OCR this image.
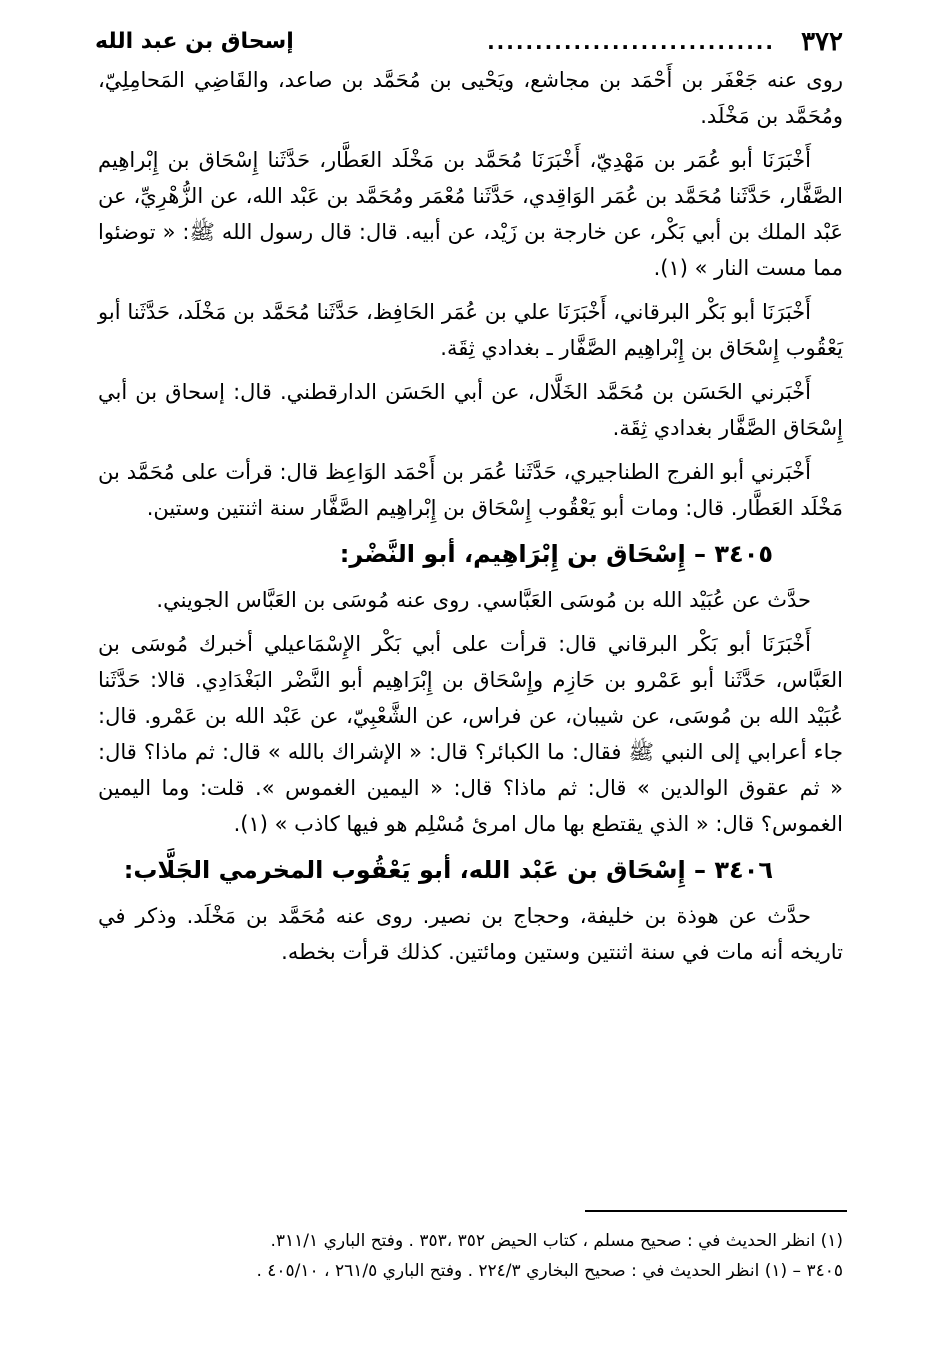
٣٧٢
..............................
إسحاق بن عبد الله

روى عنه جَعْفَر بن أَحْمَد بن مجاشع، ويَحْيى بن مُحَمَّد بن صاعد، والقَاضِي المَحامِلِيّ، ومُحَمَّد بن مَخْلَد.

أَخْبَرَنَا أبو عُمَر بن مَهْدِيّ، أَخْبَرَنَا مُحَمَّد بن مَخْلَد العَطَّار، حَدَّثَنا إِسْحَاق بن إِبْراهِيم الصَّفَّار، حَدَّثَنا مُحَمَّد بن عُمَر الوَاقِدي، حَدَّثَنا مُعْمَر ومُحَمَّد بن عَبْد الله، عن الزُّهْرِيِّ، عن عَبْد الملك بن أبي بَكْر، عن خارجة بن زَيْد، عن أبيه. قال: قال رسول الله ﷺ: « توضئوا مما مست النار » (١).

أَخْبَرَنَا أبو بَكْر البرقاني، أَخْبَرَنَا علي بن عُمَر الحَافِظ، حَدَّثَنا مُحَمَّد بن مَخْلَد، حَدَّثَنا أبو يَعْقُوب إِسْحَاق بن إِبْراهِيم الصَّفَّار ـ بغدادي ثِقَة.

أَخْبَرني الحَسَن بن مُحَمَّد الخَلَّال، عن أبي الحَسَن الدارقطني. قال: إسحاق بن أبي إِسْحَاق الصَّفَّار بغدادي ثِقَة.

أَخْبَرني أبو الفرج الطناجيري، حَدَّثَنا عُمَر بن أَحْمَد الوَاعِظ قال: قرأت على مُحَمَّد بن مَخْلَد العَطَّار. قال: ومات أبو يَعْقُوب إِسْحَاق بن إِبْراهِيم الصَّفَّار سنة اثنتين وستين.

٣٤٠٥ – إِسْحَاق بن إِبْرَاهِيم، أبو النَّضْر:

حدَّث عن عُبَيْد الله بن مُوسَى العَبَّاسي. روى عنه مُوسَى بن العَبَّاس الجويني.

أَخْبَرَنَا أبو بَكْر البرقاني قال: قرأت على أبي بَكْر الإِسْمَاعيلي أخبرك مُوسَى بن العَبَّاس، حَدَّثَنا أبو عَمْرو بن حَازِم وإِسْحَاق بن إِبْرَاهِيم أبو النَّضْر البَغْدَادِي. قالا: حَدَّثَنا عُبَيْد الله بن مُوسَى، عن شيبان، عن فراس، عن الشَّعْبِيّ، عن عَبْد الله بن عَمْرو. قال: جاء أعرابي إلى النبي ﷺ فقال: ما الكبائر؟ قال: « الإشراك بالله » قال: ثم ماذا؟ قال: « ثم عقوق الوالدين » قال: ثم ماذا؟ قال: « اليمين الغموس ». قلت: وما اليمين الغموس؟ قال: « الذي يقتطع بها مال امرئ مُسْلِم هو فيها كاذب » (١).

٣٤٠٦ – إِسْحَاق بن عَبْد الله، أبو يَعْقُوب المخرمي الجَلَّاب:

حدَّث عن هوذة بن خليفة، وحجاج بن نصير. روى عنه مُحَمَّد بن مَخْلَد. وذكر في تاريخه أنه مات في سنة اثنتين وستين ومائتين. كذلك قرأت بخطه.

(١) انظر الحديث في : صحيح مسلم ، كتاب الحيض ٣٥٢ ،٣٥٣ . وفتح الباري ٣١١/١.

٣٤٠٥ – (١) انظر الحديث في : صحيح البخاري ٢٢٤/٣ . وفتح الباري ٢٦١/٥ ، ٤٠٥/١٠ .
